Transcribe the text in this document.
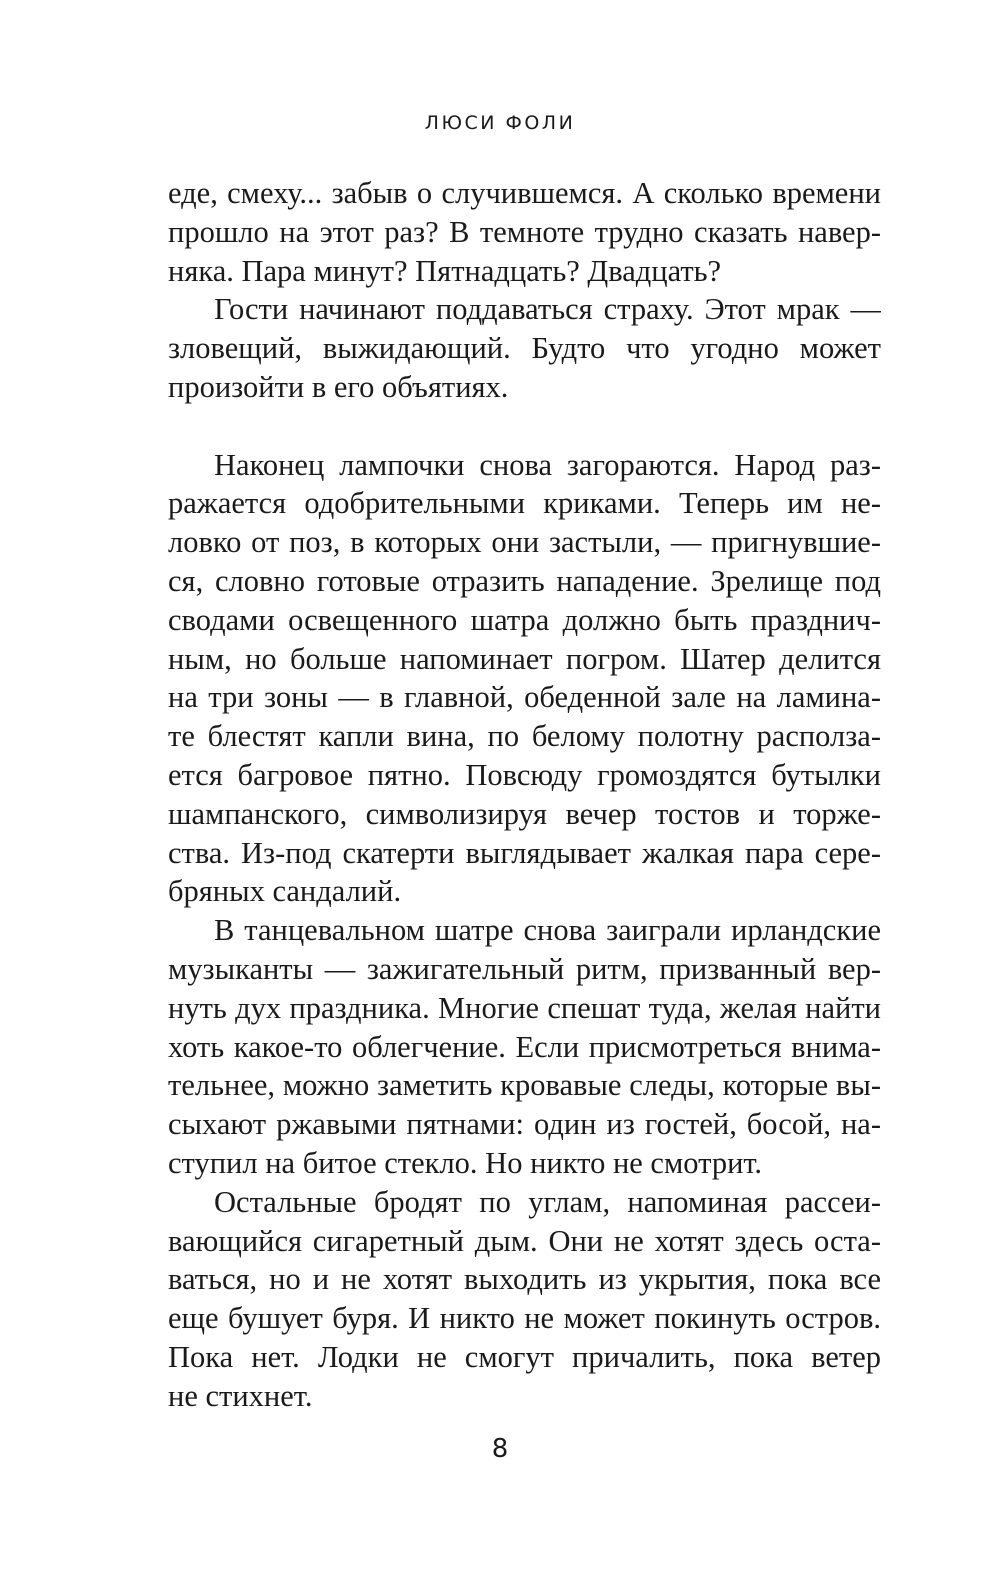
ЛЮСИ ФОЛИ
еде, смеху... забыв о случившемся. А сколько времени
прошло на этот раз? В темноте трудно сказать навер-
няка. Пара минут? Пятнадцать? Двадцать?
Гости начинают поддаваться страху. Этот мрак —
зловещий, выжидающий. Будто что угодно может
произойти в его объятиях.
Наконец лампочки снова загораются. Народ раз-
ражается одобрительными криками. Теперь им не-
ловко от поз, в которых они застыли, — пригнувшие-
ся, словно готовые отразить нападение. Зрелище под
сводами освещенного шатра должно быть празднич-
ным, но больше напоминает погром. Шатер делится
на три зоны — в главной, обеденной зале на ламина-
те блестят капли вина, по белому полотну располза-
ется багровое пятно. Повсюду громоздятся бутылки
шампанского, символизируя вечер тостов и торже-
ства. Из-под скатерти выглядывает жалкая пара сере-
бряных сандалий.
В танцевальном шатре снова заиграли ирландские
музыканты — зажигательный ритм, призванный вер-
нуть дух праздника. Многие спешат туда, желая найти
хоть какое-то облегчение. Если присмотреться внима-
тельнее, можно заметить кровавые следы, которые вы-
сыхают ржавыми пятнами: один из гостей, босой, на-
ступил на битое стекло. Но никто не смотрит.
Остальные бродят по углам, напоминая рассеи-
вающийся сигаретный дым. Они не хотят здесь оста-
ваться, но и не хотят выходить из укрытия, пока все
еще бушует буря. И никто не может покинуть остров.
Пока нет. Лодки не смогут причалить, пока ветер
не стихнет.
8
